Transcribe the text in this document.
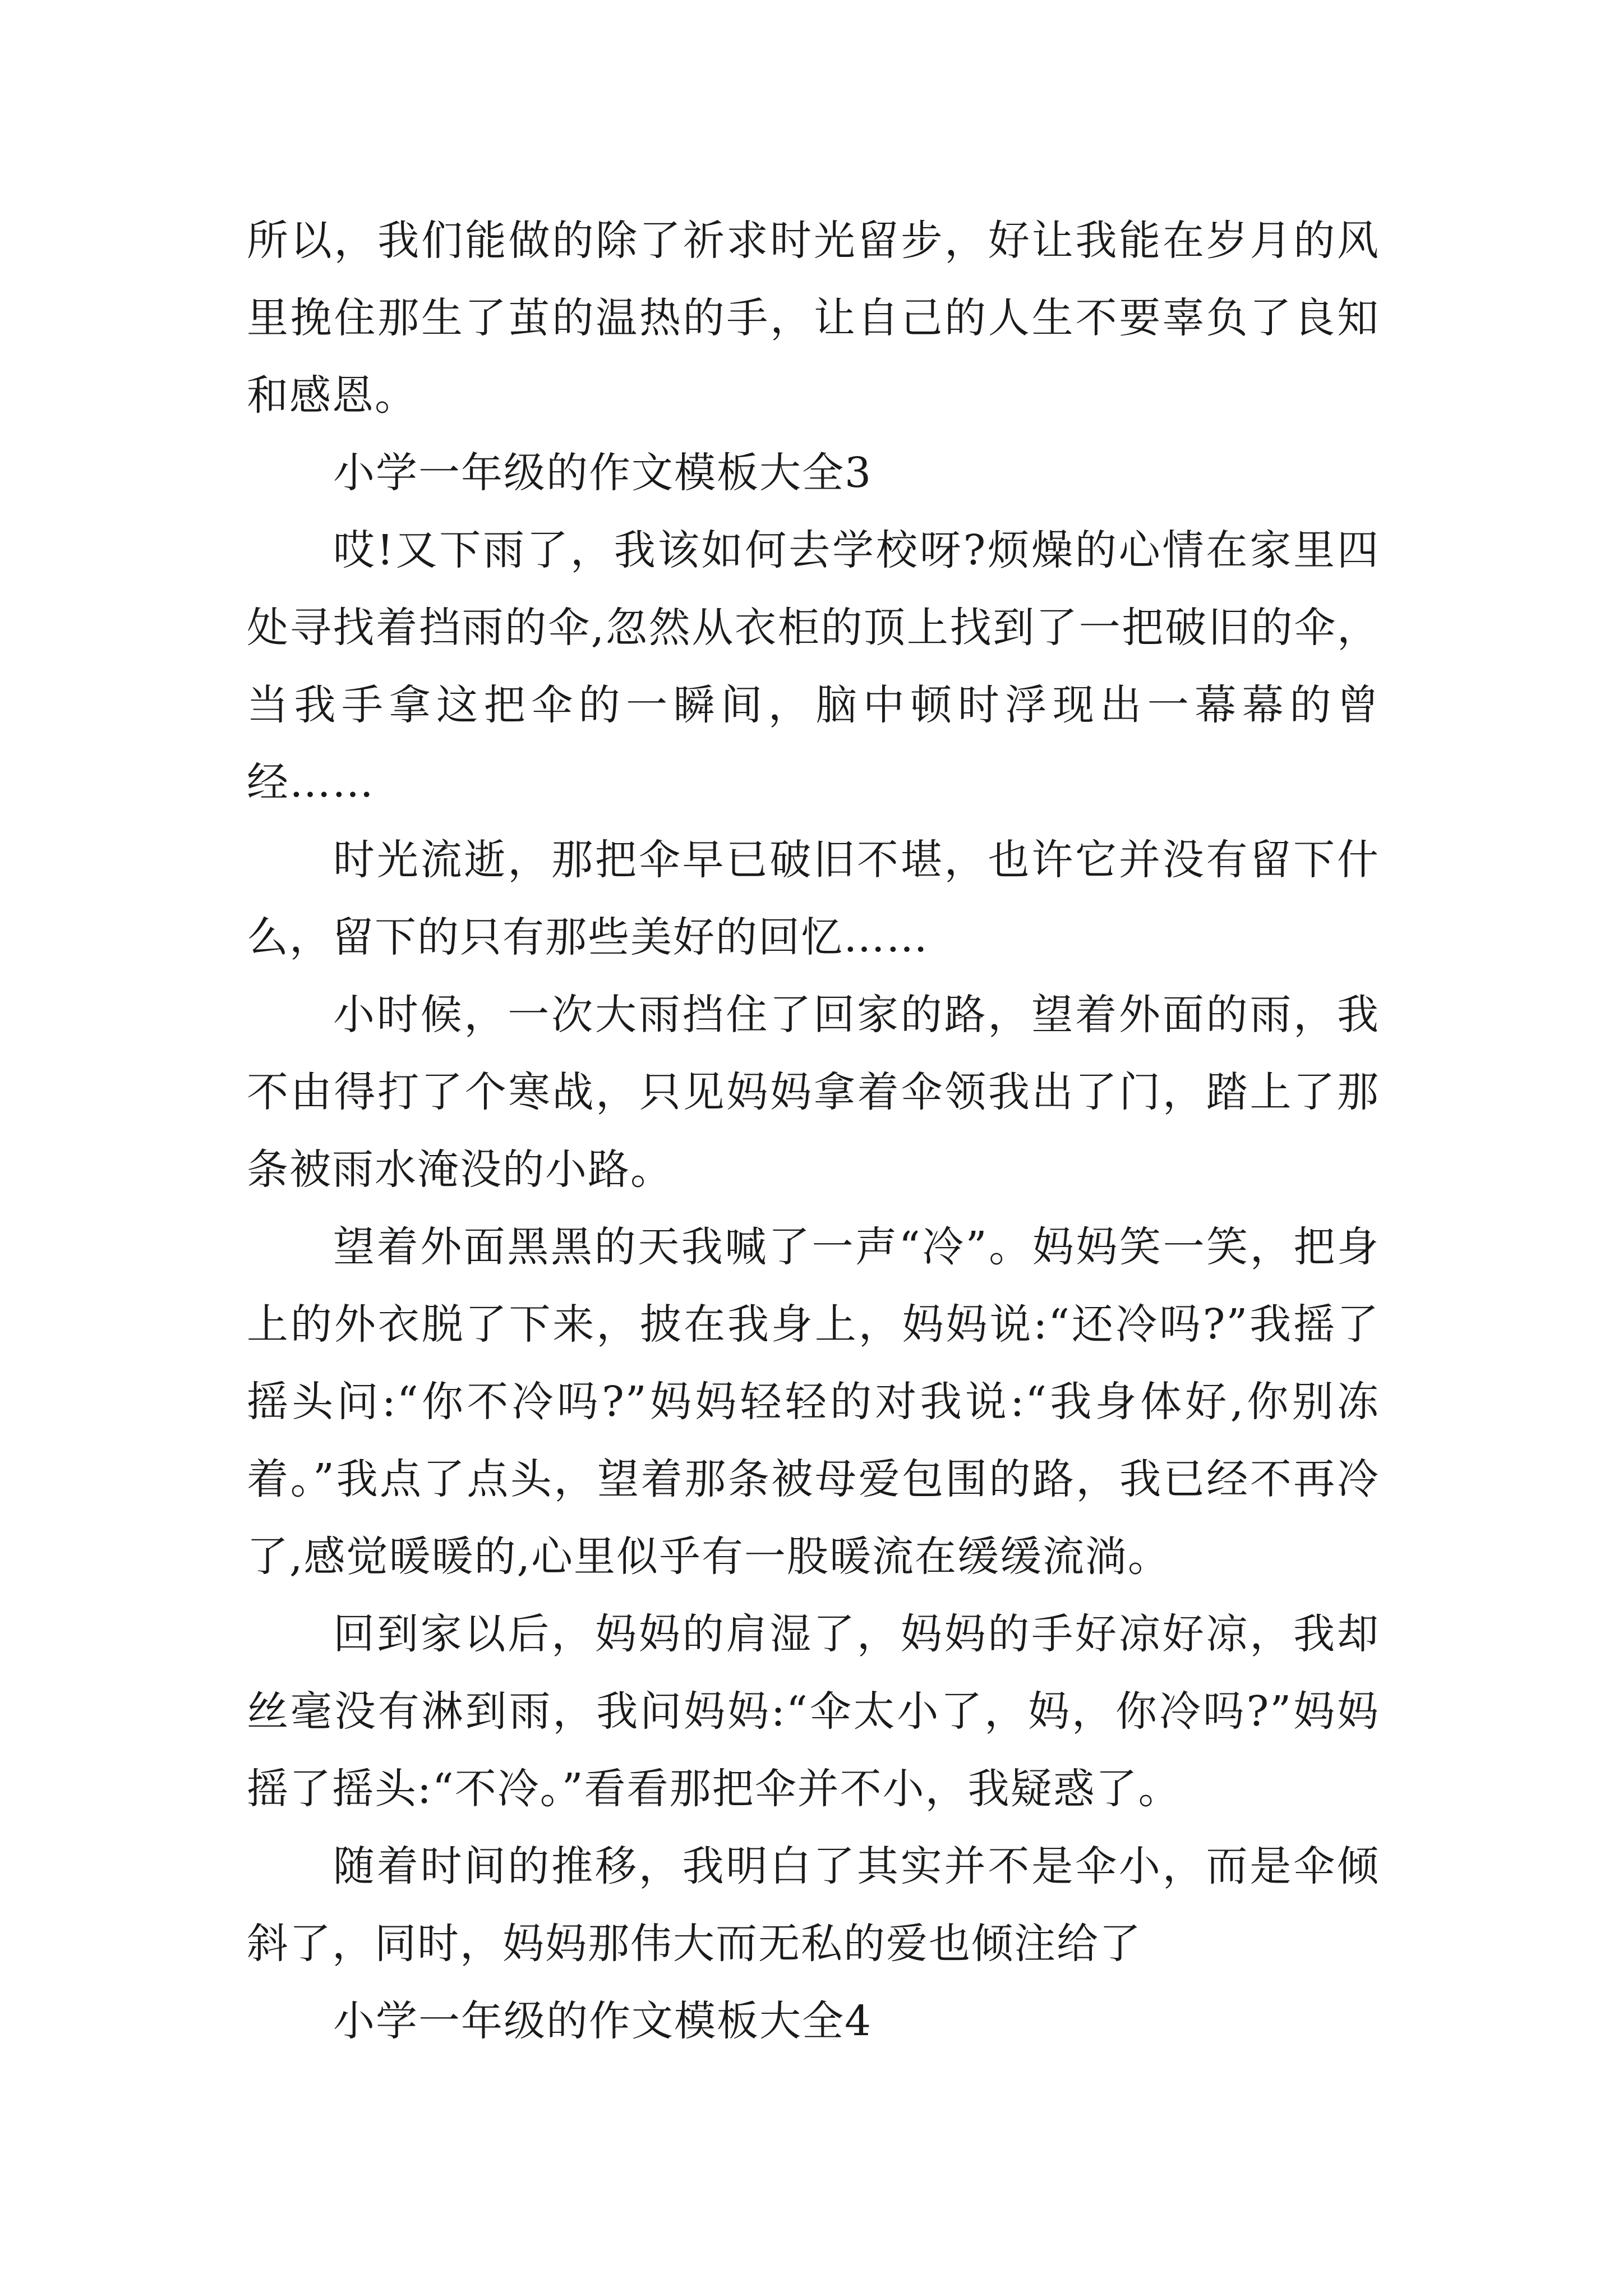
所以，我们能做的除了祈求时光留步，好让我能在岁月的风里挽住那生了茧的温热的手，让自己的人生不要辜负了良知和感恩。

小学一年级的作文模板大全3

哎!又下雨了，我该如何去学校呀?烦燥的心情在家里四处寻找着挡雨的伞,忽然从衣柜的顶上找到了一把破旧的伞，当我手拿这把伞的一瞬间，脑中顿时浮现出一幕幕的曾经……

时光流逝，那把伞早已破旧不堪，也许它并没有留下什么，留下的只有那些美好的回忆……

小时候，一次大雨挡住了回家的路，望着外面的雨，我不由得打了个寒战，只见妈妈拿着伞领我出了门，踏上了那条被雨水淹没的小路。

望着外面黑黑的天我喊了一声“冷”。妈妈笑一笑，把身上的外衣脱了下来，披在我身上，妈妈说:“还冷吗?”我摇了摇头问:“你不冷吗?”妈妈轻轻的对我说:“我身体好,你别冻着。”我点了点头，望着那条被母爱包围的路，我已经不再冷了,感觉暖暖的,心里似乎有一股暖流在缓缓流淌。

回到家以后，妈妈的肩湿了，妈妈的手好凉好凉，我却丝毫没有淋到雨，我问妈妈:“伞太小了，妈，你冷吗?”妈妈摇了摇头:“不冷。”看看那把伞并不小，我疑惑了。

随着时间的推移，我明白了其实并不是伞小，而是伞倾斜了，同时，妈妈那伟大而无私的爱也倾注给了

小学一年级的作文模板大全4
